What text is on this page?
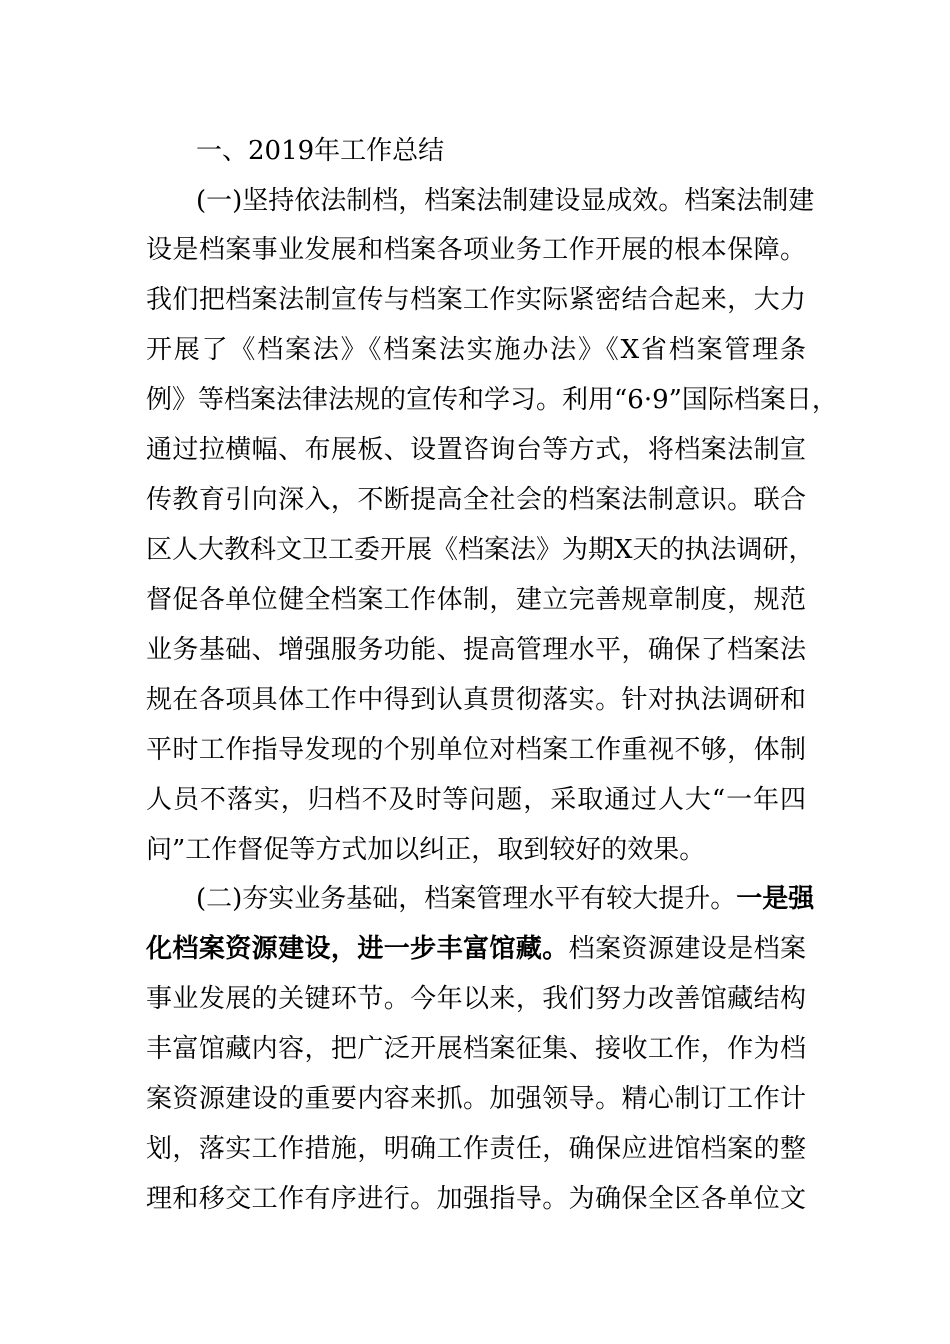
一、2019年工作总结
(一)坚持依法制档，档案法制建设显成效。档案法制建
设是档案事业发展和档案各项业务工作开展的根本保障。
我们把档案法制宣传与档案工作实际紧密结合起来，大力
开展了《档案法》《档案法实施办法》《X省档案管理条
例》等档案法律法规的宣传和学习。利用“6·9”国际档案日，
通过拉横幅、布展板、设置咨询台等方式，将档案法制宣
传教育引向深入，不断提高全社会的档案法制意识。联合
区人大教科文卫工委开展《档案法》为期X天的执法调研，
督促各单位健全档案工作体制，建立完善规章制度，规范
业务基础、增强服务功能、提高管理水平，确保了档案法
规在各项具体工作中得到认真贯彻落实。针对执法调研和
平时工作指导发现的个别单位对档案工作重视不够，体制
人员不落实，归档不及时等问题，采取通过人大“一年四
问”工作督促等方式加以纠正，取到较好的效果。
(二)夯实业务基础，档案管理水平有较大提升。一是强
化档案资源建设，进一步丰富馆藏。档案资源建设是档案
事业发展的关键环节。今年以来，我们努力改善馆藏结构
丰富馆藏内容，把广泛开展档案征集、接收工作，作为档
案资源建设的重要内容来抓。加强领导。精心制订工作计
划，落实工作措施，明确工作责任，确保应进馆档案的整
理和移交工作有序进行。加强指导。为确保全区各单位文
